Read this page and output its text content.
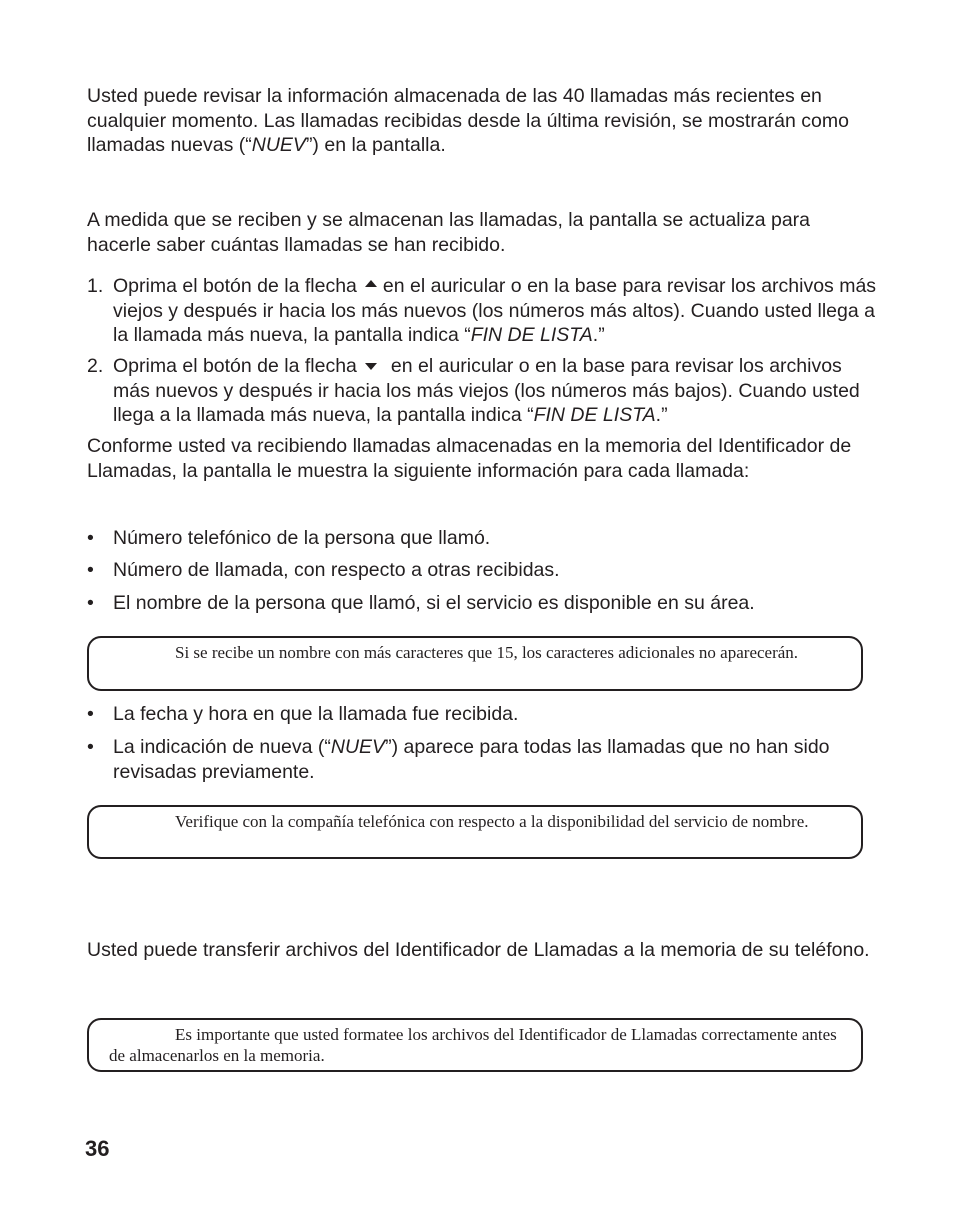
Usted puede revisar la información almacenada de las 40 llamadas más recientes en cualquier momento. Las llamadas recibidas desde la última revisión, se mostrarán como llamadas nuevas (“NUEV”) en la pantalla.

A medida que se reciben y se almacenan las llamadas, la pantalla se actualiza para hacerle saber cuántas llamadas se han recibido.

1. Oprima el botón de la flecha en el auricular o en la base para revisar los archivos más viejos y después ir hacia los más nuevos (los números más altos). Cuando usted llega a la llamada más nueva, la pantalla indica “FIN DE LISTA.”
2. Oprima el botón de la flecha en el auricular o en la base para revisar los archivos más nuevos y después ir hacia los más viejos (los números más bajos). Cuando usted llega a la llamada más nueva, la pantalla indica “FIN DE LISTA.”

Conforme usted va recibiendo llamadas almacenadas en la memoria del Identificador de Llamadas, la pantalla le muestra la siguiente información para cada llamada:

• Número telefónico de la persona que llamó.
• Número de llamada, con respecto a otras recibidas.
• El nombre de la persona que llamó, si el servicio es disponible en su área.
Si se recibe un nombre con más caracteres que 15, los caracteres adicionales no aparecerán.
• La fecha y hora en que la llamada fue recibida.
• La indicación de nueva (“NUEV”) aparece para todas las llamadas que no han sido revisadas previamente.
Verifique con la compañía telefónica con respecto a la disponibilidad del servicio de nombre.

Usted puede transferir archivos del Identificador de Llamadas a la memoria de su teléfono.

Es importante que usted formatee los archivos del Identificador de Llamadas correctamente antes de almacenarlos en la memoria.
36
